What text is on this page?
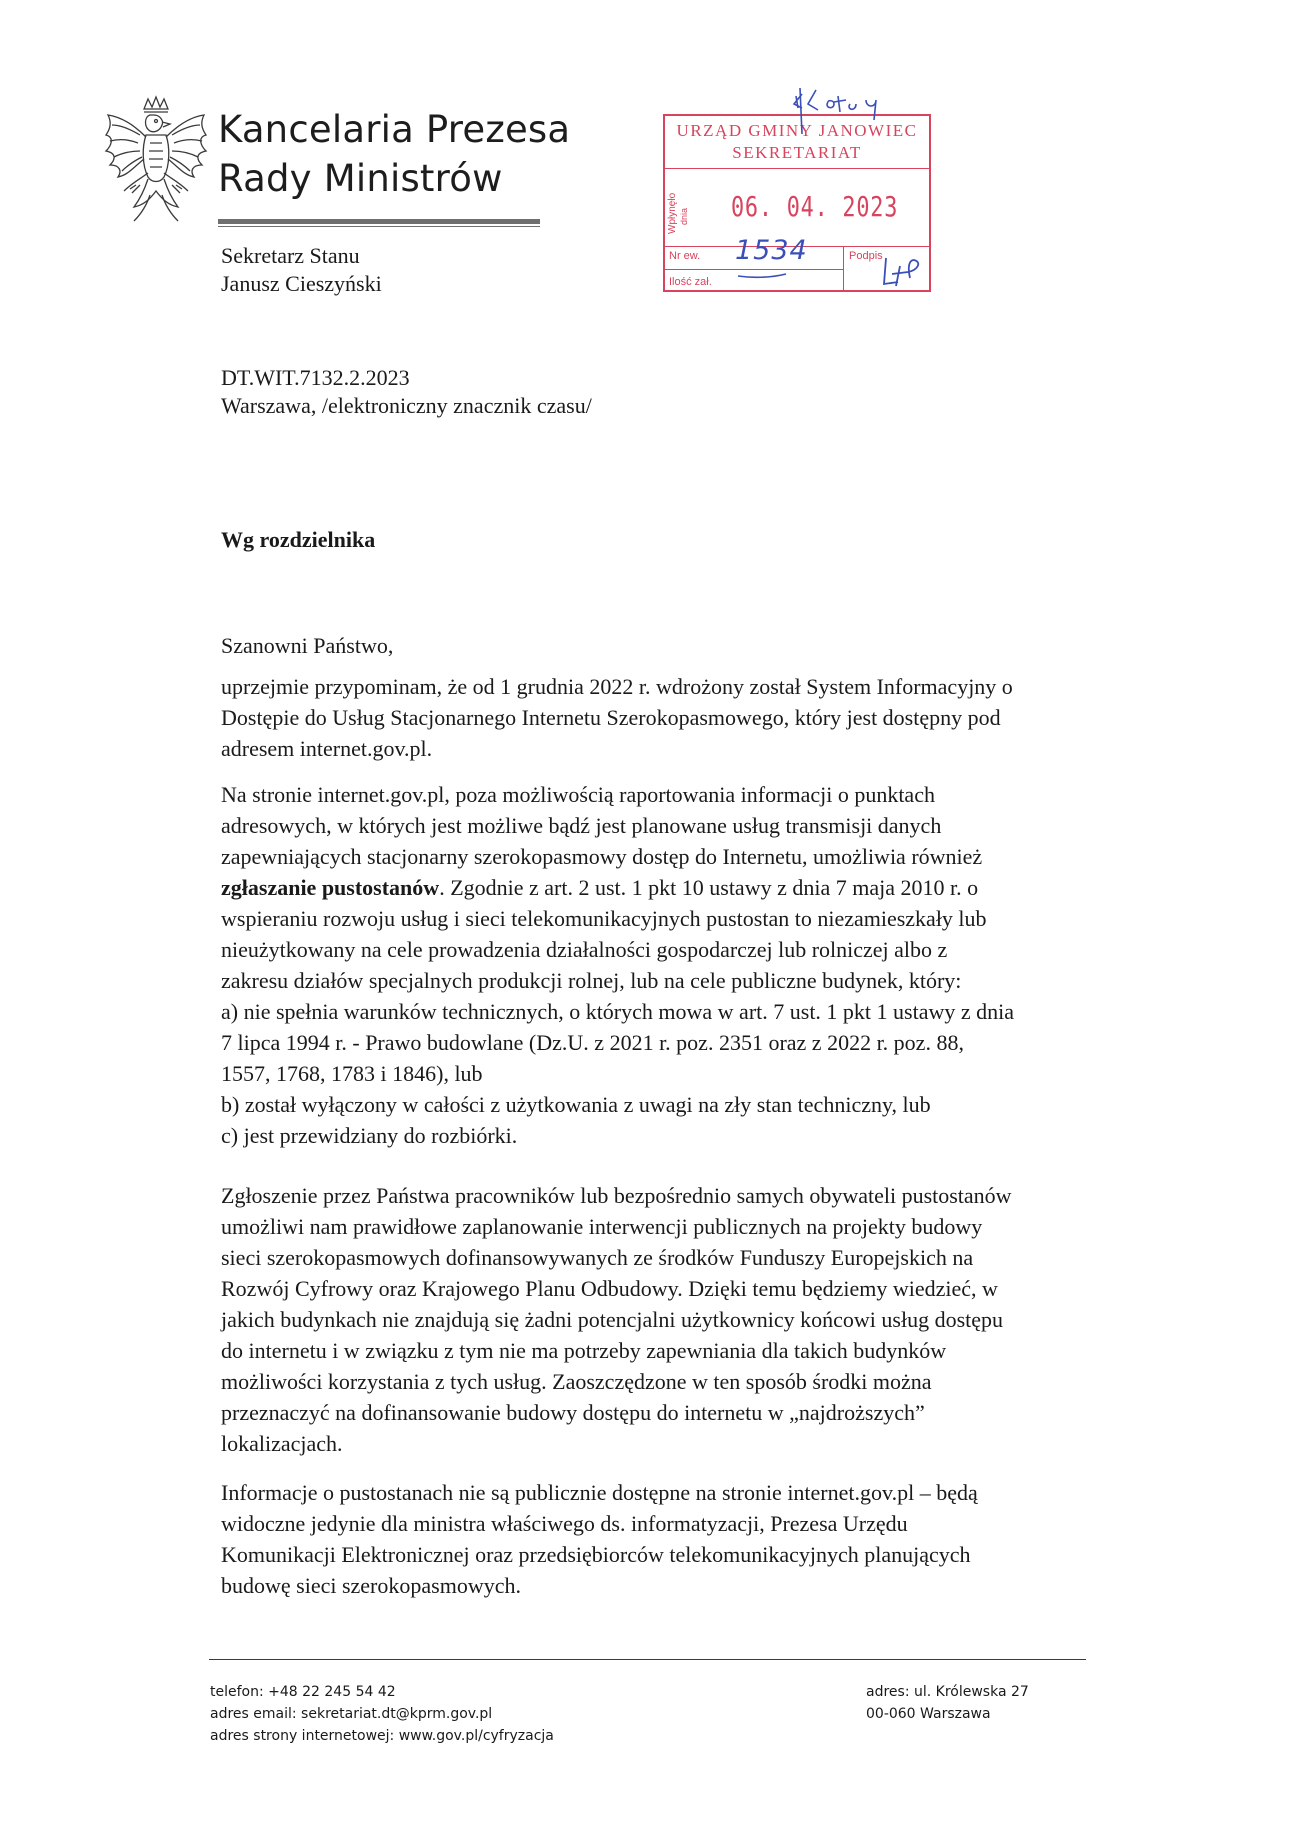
Kancelaria Prezesa
Rady Ministrów
Sekretarz Stanu
Janusz Cieszyński
URZĄD GMINY JANOWIEC
SEKRETARIAT
Wpłynęło dnia 06. 04. 2023
Nr ew.
Ilość zał.
Podpis
1534
DT.WIT.7132.2.2023
Warszawa, /elektroniczny znacznik czasu/
Wg rozdzielnika
Szanowni Państwo,
uprzejmie przypominam, że od 1 grudnia 2022 r. wdrożony został System Informacyjny o
Dostępie do Usług Stacjonarnego Internetu Szerokopasmowego, który jest dostępny pod
adresem internet.gov.pl.
Na stronie internet.gov.pl, poza możliwością raportowania informacji o punktach
adresowych, w których jest możliwe bądź jest planowane usług transmisji danych
zapewniających stacjonarny szerokopasmowy dostęp do Internetu, umożliwia również
zgłaszanie pustostanów. Zgodnie z art. 2 ust. 1 pkt 10 ustawy z dnia 7 maja 2010 r. o
wspieraniu rozwoju usług i sieci telekomunikacyjnych pustostan to niezamieszkały lub
nieużytkowany na cele prowadzenia działalności gospodarczej lub rolniczej albo z
zakresu działów specjalnych produkcji rolnej, lub na cele publiczne budynek, który:
a) nie spełnia warunków technicznych, o których mowa w art. 7 ust. 1 pkt 1 ustawy z dnia
7 lipca 1994 r. - Prawo budowlane (Dz.U. z 2021 r. poz. 2351 oraz z 2022 r. poz. 88,
1557, 1768, 1783 i 1846), lub
b) został wyłączony w całości z użytkowania z uwagi na zły stan techniczny, lub
c) jest przewidziany do rozbiórki.
Zgłoszenie przez Państwa pracowników lub bezpośrednio samych obywateli pustostanów
umożliwi nam prawidłowe zaplanowanie interwencji publicznych na projekty budowy
sieci szerokopasmowych dofinansowywanych ze środków Funduszy Europejskich na
Rozwój Cyfrowy oraz Krajowego Planu Odbudowy. Dzięki temu będziemy wiedzieć, w
jakich budynkach nie znajdują się żadni potencjalni użytkownicy końcowi usług dostępu
do internetu i w związku z tym nie ma potrzeby zapewniania dla takich budynków
możliwości korzystania z tych usług. Zaoszczędzone w ten sposób środki można
przeznaczyć na dofinansowanie budowy dostępu do internetu w „najdroższych”
lokalizacjach.
Informacje o pustostanach nie są publicznie dostępne na stronie internet.gov.pl – będą
widoczne jedynie dla ministra właściwego ds. informatyzacji, Prezesa Urzędu
Komunikacji Elektronicznej oraz przedsiębiorców telekomunikacyjnych planujących
budowę sieci szerokopasmowych.
telefon: +48 22 245 54 42
adres email: sekretariat.dt@kprm.gov.pl
adres strony internetowej: www.gov.pl/cyfryzacja
adres: ul. Królewska 27
00-060 Warszawa
